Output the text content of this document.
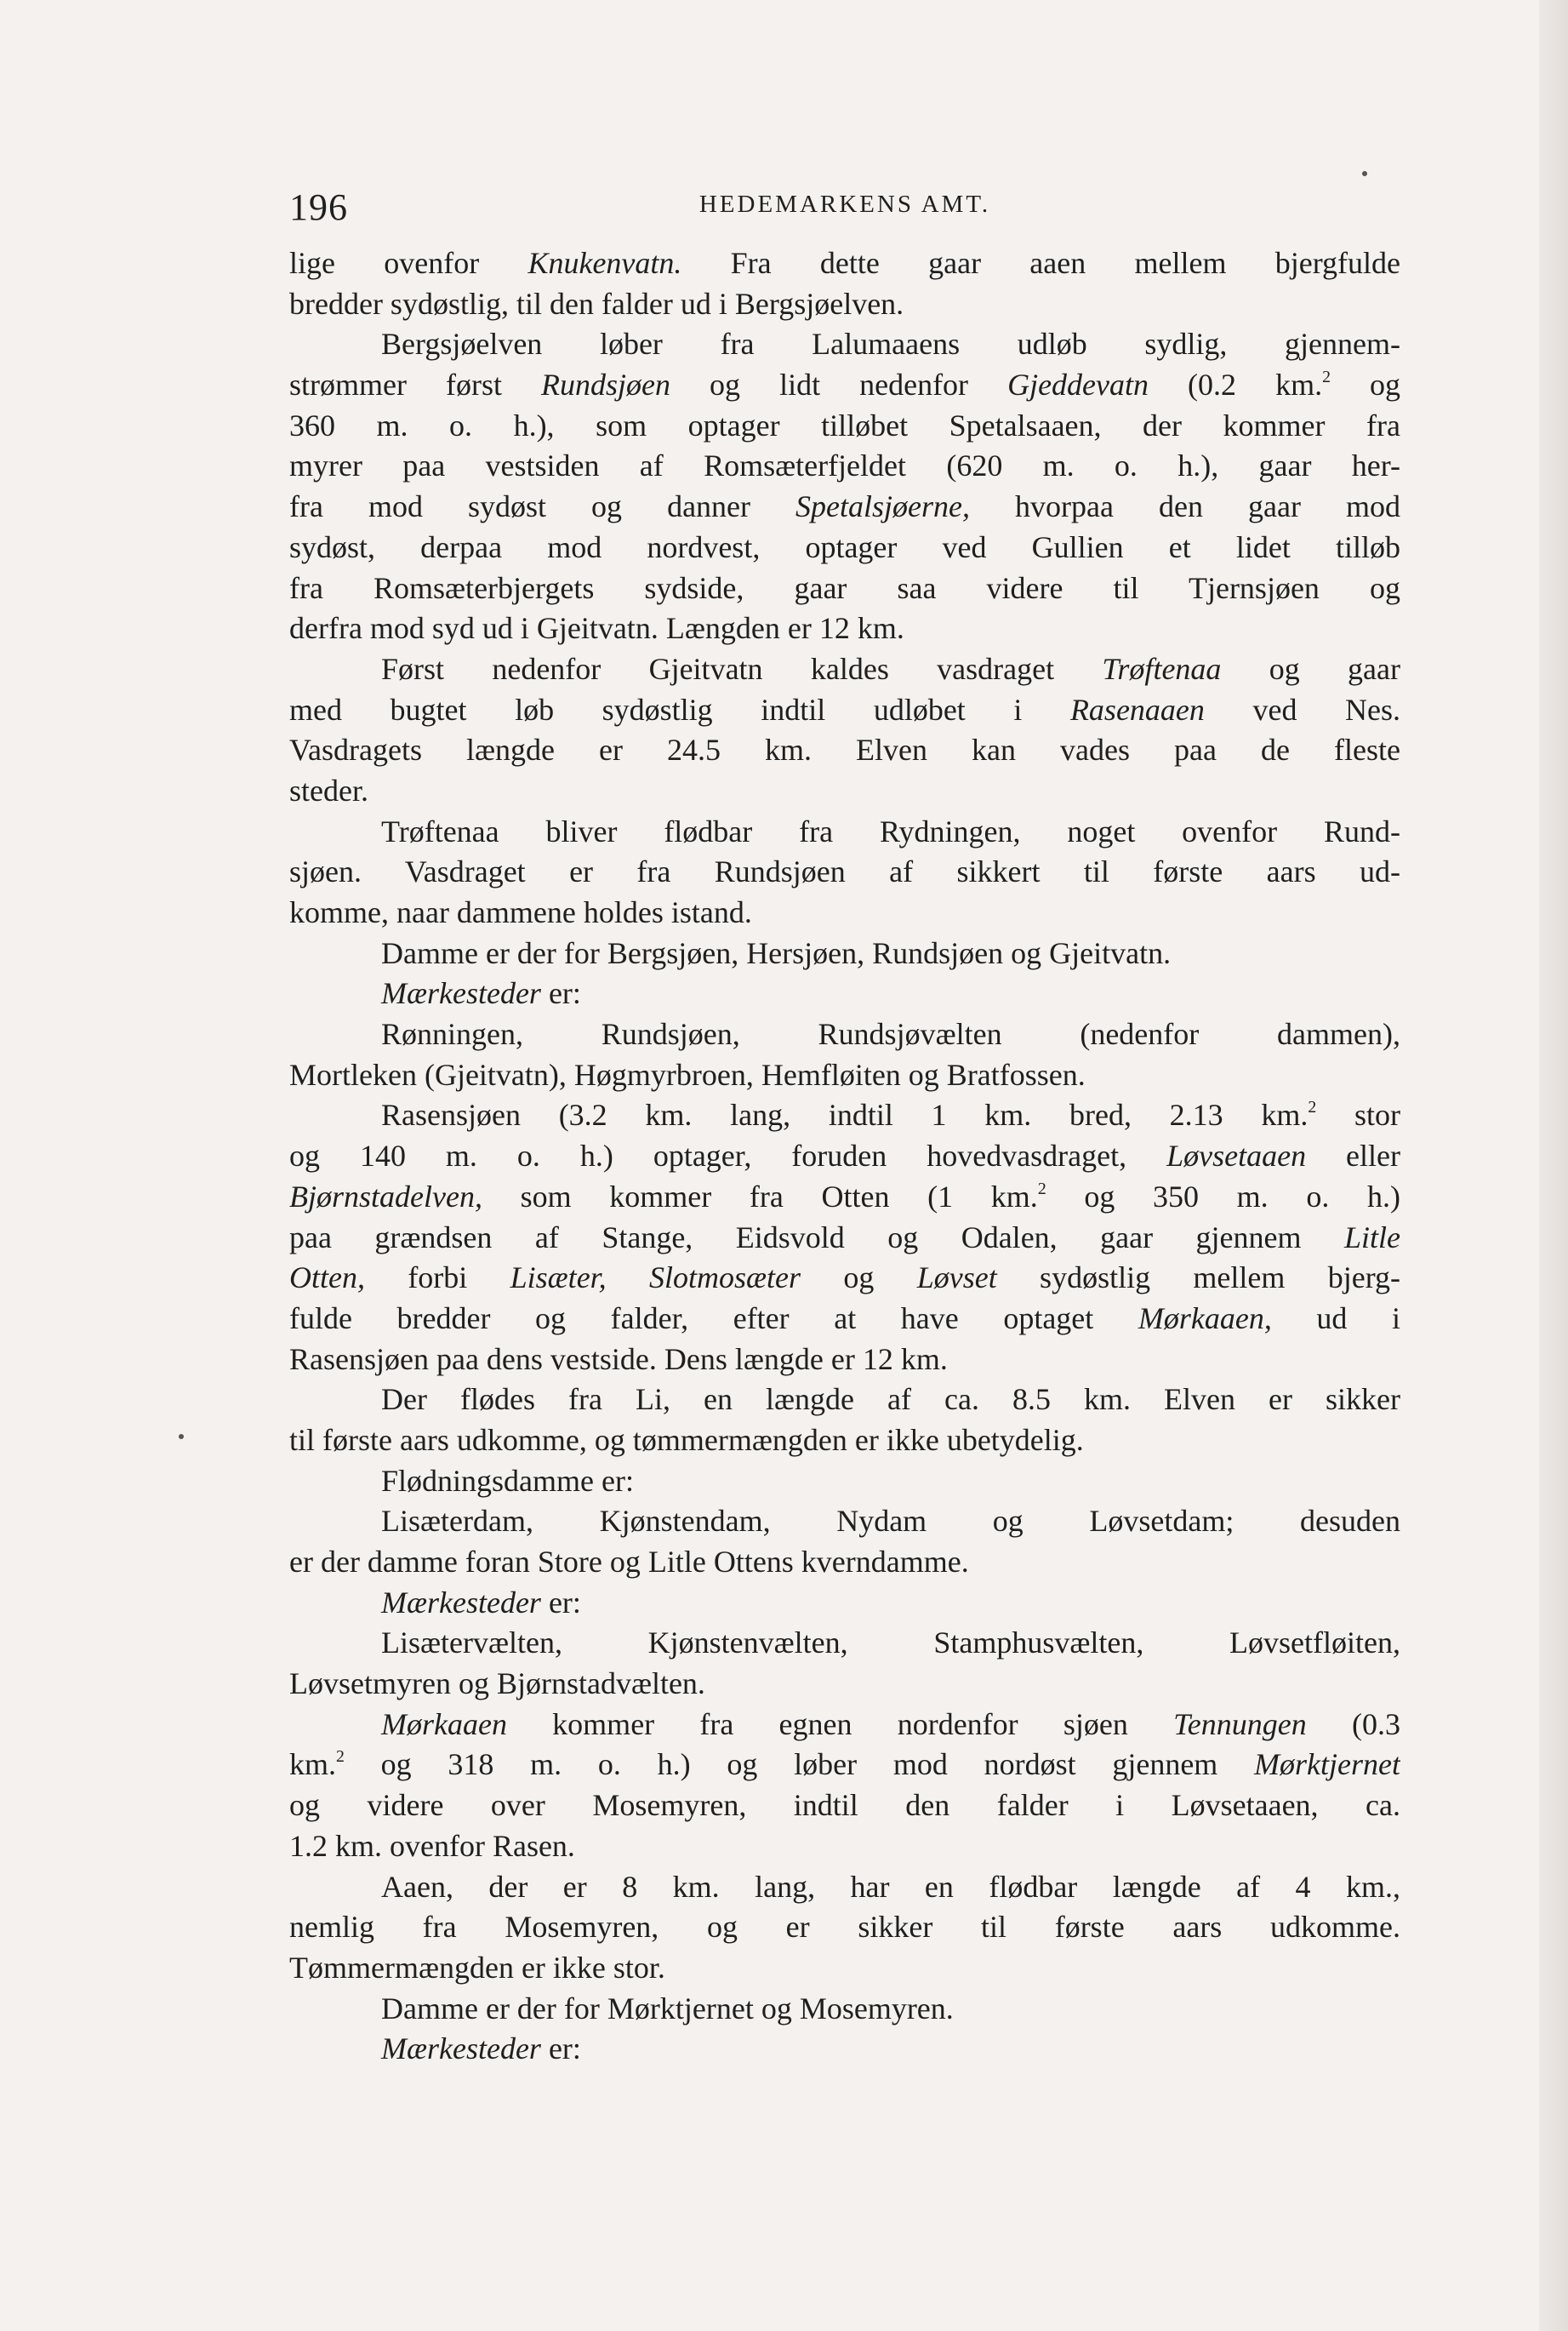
196	HEDEMARKENS AMT.
lige ovenfor Knukenvatn. Fra dette gaar aaen mellem bjergfulde
bredder sydøstlig, til den falder ud i Bergsjøelven.
Bergsjøelven løber fra Lalumaaens udløb sydlig, gjennem-
strømmer først Rundsjøen og lidt nedenfor Gjeddevatn (0.2 km.$^2$ og
360 m. o. h.), som optager tilløbet Spetalsaaen, der kommer fra
myrer paa vestsiden af Romsæterfjeldet (620 m. o. h.), gaar her-
fra mod sydøst og danner Spetalsjøerne, hvorpaa den gaar mod
sydøst, derpaa mod nordvest, optager ved Gullien et lidet tilløb
fra Romsæterbjergets sydside, gaar saa videre til Tjernsjøen og
derfra mod syd ud i Gjeitvatn. Længden er 12 km.
Først nedenfor Gjeitvatn kaldes vasdraget Trøftenaa og gaar
med bugtet løb sydøstlig indtil udløbet i Rasenaaen ved Nes.
Vasdragets længde er 24.5 km. Elven kan vades paa de fleste
steder.
Trøftenaa bliver flødbar fra Rydningen, noget ovenfor Rund-
sjøen. Vasdraget er fra Rundsjøen af sikkert til første aars ud-
komme, naar dammene holdes istand.
Damme er der for Bergsjøen, Hersjøen, Rundsjøen og Gjeitvatn.
Mærkesteder er:
Rønningen, Rundsjøen, Rundsjøvælten (nedenfor dammen),
Mortleken (Gjeitvatn), Høgmyrbroen, Hemfløiten og Bratfossen.
Rasensjøen (3.2 km. lang, indtil 1 km. bred, 2.13 km.$^2$ stor
og 140 m. o. h.) optager, foruden hovedvasdraget, Løvsetaaen eller
Bjørnstadelven, som kommer fra Otten (1 km.$^2$ og 350 m. o. h.)
paa grændsen af Stange, Eidsvold og Odalen, gaar gjennem Litle
Otten, forbi Lisæter, Slotmosæter og Løvset sydøstlig mellem bjerg-
fulde bredder og falder, efter at have optaget Mørkaaen, ud i
Rasensjøen paa dens vestside. Dens længde er 12 km.
Der flødes fra Li, en længde af ca. 8.5 km. Elven er sikker
til første aars udkomme, og tømmermængden er ikke ubetydelig.
Flødningsdamme er:
Lisæterdam, Kjønstendam, Nydam og Løvsetdam; desuden
er der damme foran Store og Litle Ottens kverndamme.
Mærkesteder er:
Lisætervælten, Kjønstenvælten, Stamphusvælten, Løvsetfløiten,
Løvsetmyren og Bjørnstadvælten.
Mørkaaen kommer fra egnen nordenfor sjøen Tennungen (0.3
km.$^2$ og 318 m. o. h.) og løber mod nordøst gjennem Mørktjernet
og videre over Mosemyren, indtil den falder i Løvsetaaen, ca.
1.2 km. ovenfor Rasen.
Aaen, der er 8 km. lang, har en flødbar længde af 4 km.,
nemlig fra Mosemyren, og er sikker til første aars udkomme.
Tømmermængden er ikke stor.
Damme er der for Mørktjernet og Mosemyren.
Mærkesteder er:
